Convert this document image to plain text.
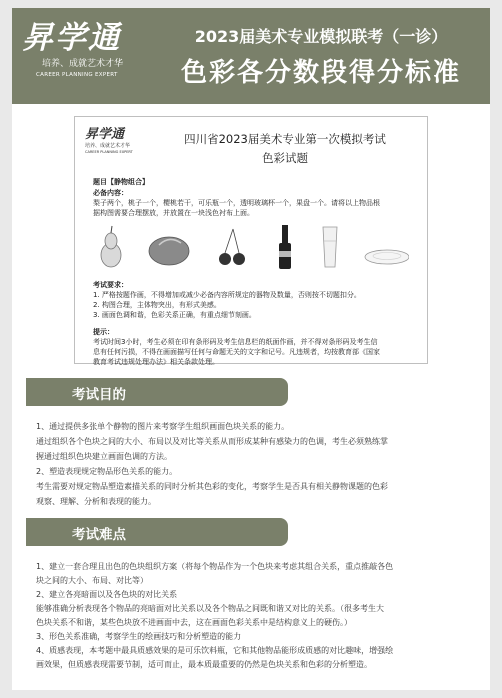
昇学通
培养、成就艺术才华
CAREER PLANNING EXPERT
2023届美术专业模拟联考（一诊）
色彩各分数段得分标准
昇学通
培养、成就艺术才华
CAREER PLANNING EXPERT
四川省2023届美术专业第一次模拟考试
色彩试题
题目【静物组合】
必备内容：
梨子两个，桃子一个，樱桃若干，可乐瓶一个，透明玻璃杯一个，果盘一个。请将以上物品根
据构图需要合理摆放，并放置在一块浅色衬布上面。
考试要求：
1. 严格按题作画，不得增加或减少必备内容所规定的器物及数量，否则按不切题扣分。
2. 构图合理，主体物突出，有形式美感。
3. 画面色调和谐，色彩关系正确，有重点细节刻画。
提示：
考试时间3小时，考生必须在印有条形码及考生信息栏的纸面作画，并不得对条形码及考生信
息有任何污损，不得在画面描写任何与命题无关的文字和记号。凡违规者，均按教育部《国家
教育考试违规处理办法》相关条款处理。
考试目的
1、通过提供多张单个静物的图片来考察学生组织画面色块关系的能力。
通过组织各个色块之间的大小、布局以及对比等关系从而形成某种有感染力的色调，考生必须熟练掌
握通过组织色块建立画面色调的方法。
2、塑造表现规定物品形色关系的能力。
考生需要对规定物品塑造素描关系的同时分析其色彩的变化，考察学生是否具有相关静物课题的色彩
观察、理解、分析和表现的能力。
考试难点
1、建立一套合理且出色的色块组织方案（将每个物品作为一个色块来考虑其组合关系，重点推敲各色
块之间的大小、布局、对比等）
2、建立各亮暗面以及各色块的对比关系
能够准确分析表现各个物品的亮暗面对比关系以及各个物品之间既和谐又对比的关系。（很多考生大
色块关系不和谐，某些色块放不进画面中去，这在画面色彩关系中是结构意义上的硬伤。）
3、形色关系准确，考察学生的绘画技巧和分析塑造的能力
4、质感表现，本考题中最具质感效果的是可乐饮料瓶，它和其他物品能形成质感的对比趣味，增强绘
画效果，但质感表现需要节制，适可而止，最本质最重要的仍然是色块关系和色彩的分析塑造。
